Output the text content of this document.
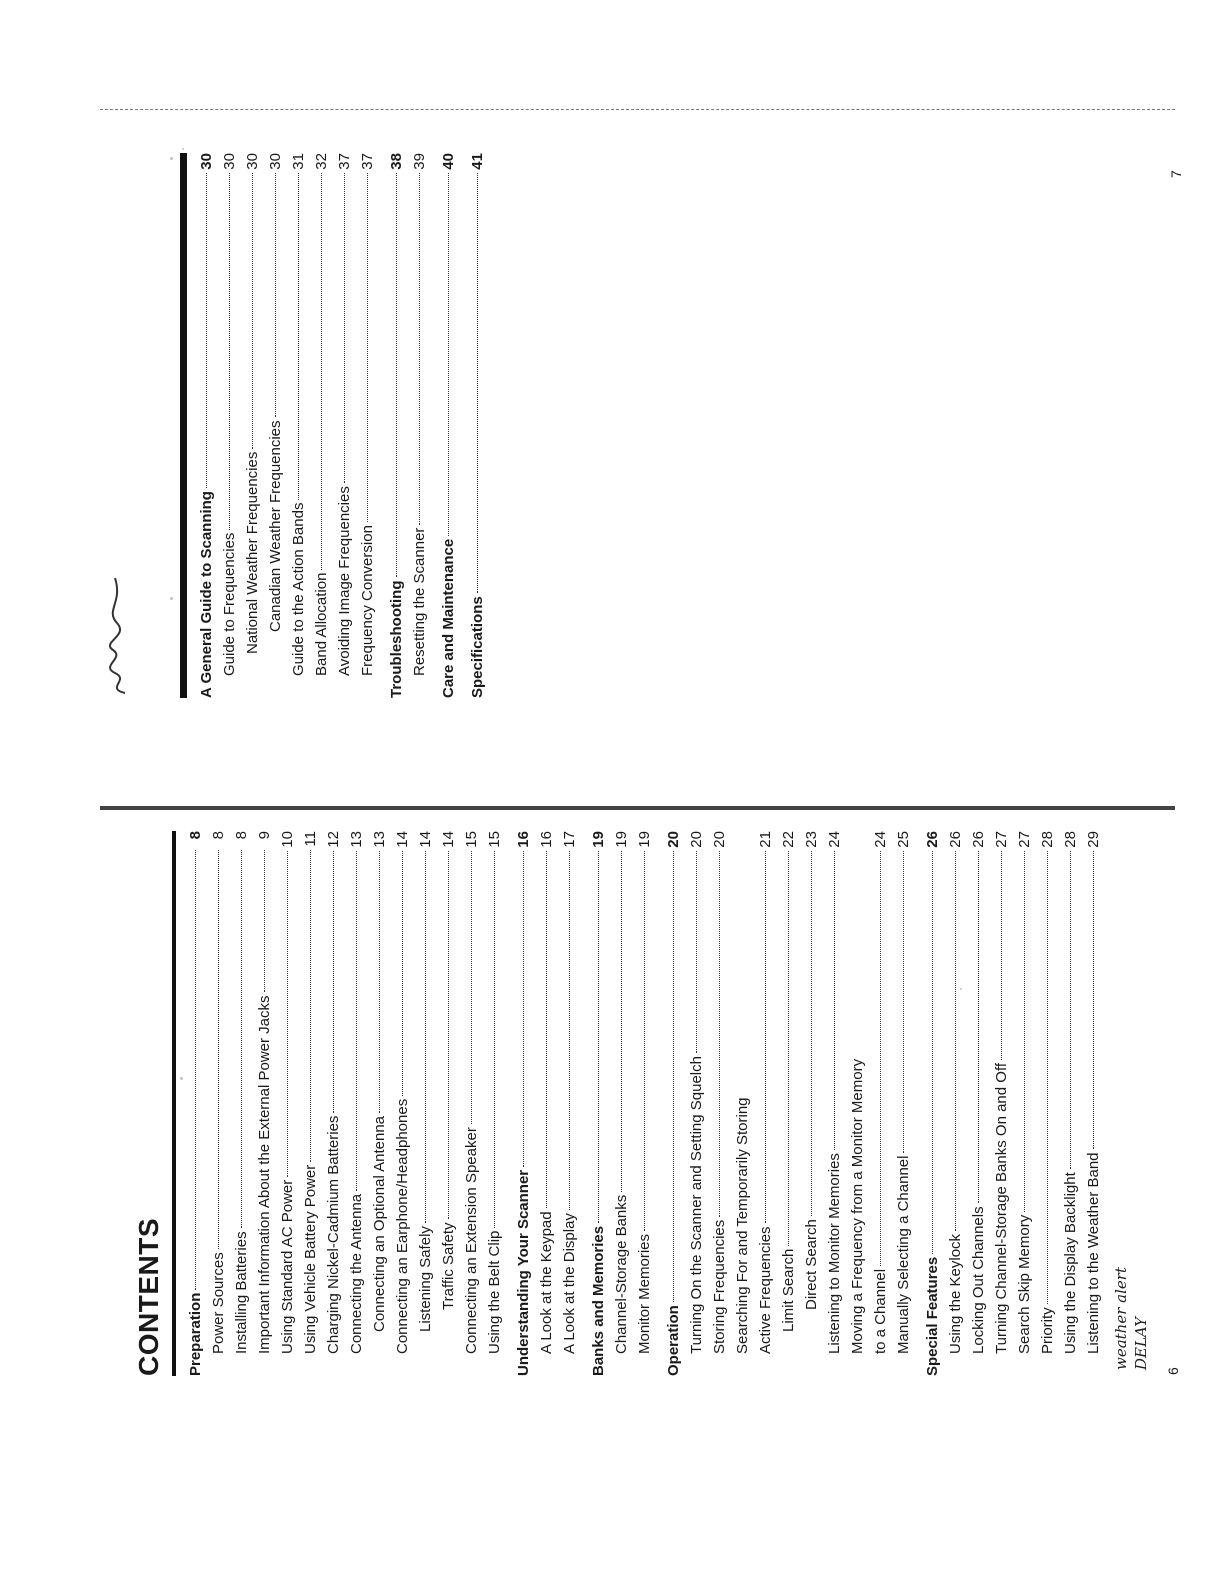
CONTENTS Preparation
8
Power Sources
8
Installing Batteries
8
Important Information About the External Power Jacks
9
Using Standard AC Power
10
Using Vehicle Battery Power
11
Charging Nickel-Cadmium Batteries
12
Connecting the Antenna
13
Connecting an Optional Antenna
13
Connecting an Earphone/Headphones
14
Listening Safely
14
Traffic Safety
14
Connecting an Extension Speaker
15
Using the Belt Clip
15
Understanding Your Scanner
16
A Look at the Keypad
16
A Look at the Display
17
Banks and Memories
19
Channel-Storage Banks
19
Monitor Memories
19
Operation
20
Turning On the Scanner and Setting Squelch
20
Storing Frequencies
20
Searching For and Temporarily Storing Active Frequencies
21
Limit Search
22
Direct Search
23
Listening to Monitor Memories
24
Moving a Frequency from a Monitor Memory to a Channel
24
Manually Selecting a Channel
25
Special Features
26
Using the Keylock
26
Locking Out Channels
26
Turning Channel-Storage Banks On and Off
27
Search Skip Memory
27
Priority
28
Using the Display Backlight
28
Listening to the Weather Band
29
weather alert DELAY
6
A General Guide to Scanning
30
Guide to Frequencies
30
National Weather Frequencies
30
Canadian Weather Frequencies
30
Guide to the Action Bands
31
Band Allocation
32
Avoiding Image Frequencies
37
Frequency Conversion
37
Troubleshooting
38
Resetting the Scanner
39
Care and Maintenance
40
Specifications
41
7
